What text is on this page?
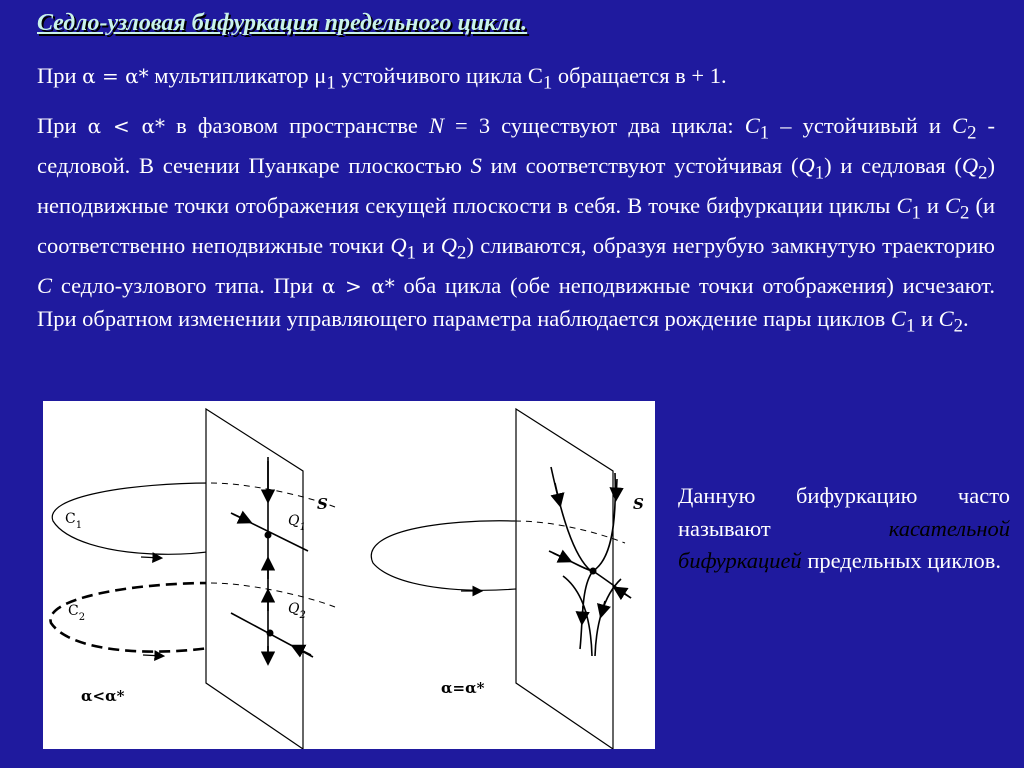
Седло-узловая бифуркация предельного цикла.

При α = α* мультипликатор $\mu_1$ устойчивого цикла $C_1$ обращается в + 1.

При α < α* в фазовом пространстве N = 3 существуют два цикла: $C_1$ – устойчивый и $C_2$ - седловой. В сечении Пуанкаре плоскостью S им соответствуют устойчивая $(Q_1)$ и седловая $(Q_2)$ неподвижные точки отображения секущей плоскости в себя. В точке бифуркации циклы $C_1$ и $C_2$ (и соответственно неподвижные точки $Q_1$ и $Q_2$) сливаются, образуя негрубую замкнутую траекторию C седло-узлового типа. При α > α* оба цикла (обе неподвижные точки отображения) исчезают. При обратном изменении управляющего параметра наблюдается рождение пары циклов $C_1$ и $C_2$.

$C_1$
$C_2$
$Q_1$
$Q_2$
S
α<α*
S
α=α*

Данную бифуркацию часто называют касательной бифуркацией предельных циклов.
